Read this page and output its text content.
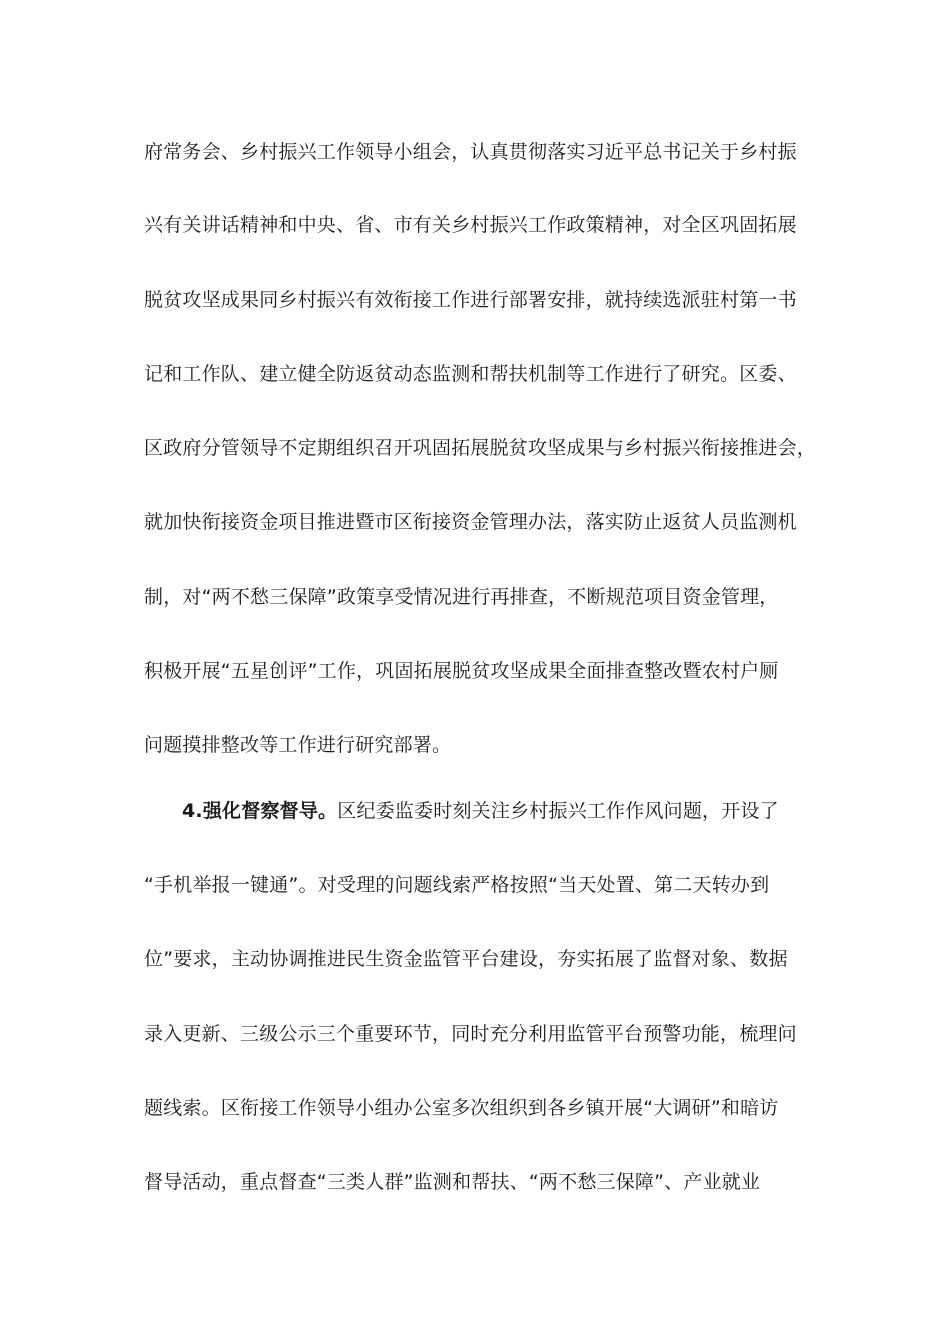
府常务会、乡村振兴工作领导小组会，认真贯彻落实习近平总书记关于乡村振
兴有关讲话精神和中央、省、市有关乡村振兴工作政策精神，对全区巩固拓展
脱贫攻坚成果同乡村振兴有效衔接工作进行部署安排，就持续选派驻村第一书
记和工作队、建立健全防返贫动态监测和帮扶机制等工作进行了研究。区委、
区政府分管领导不定期组织召开巩固拓展脱贫攻坚成果与乡村振兴衔接推进会，
就加快衔接资金项目推进暨市区衔接资金管理办法，落实防止返贫人员监测机
制，对“两不愁三保障”政策享受情况进行再排查，不断规范项目资金管理，
积极开展“五星创评”工作，巩固拓展脱贫攻坚成果全面排查整改暨农村户厕
问题摸排整改等工作进行研究部署。
4.强化督察督导。区纪委监委时刻关注乡村振兴工作作风问题，开设了
“手机举报一键通”。对受理的问题线索严格按照“当天处置、第二天转办到
位”要求，主动协调推进民生资金监管平台建设，夯实拓展了监督对象、数据
录入更新、三级公示三个重要环节，同时充分利用监管平台预警功能，梳理问
题线索。区衔接工作领导小组办公室多次组织到各乡镇开展“大调研”和暗访
督导活动，重点督查“三类人群”监测和帮扶、“两不愁三保障”、产业就业
